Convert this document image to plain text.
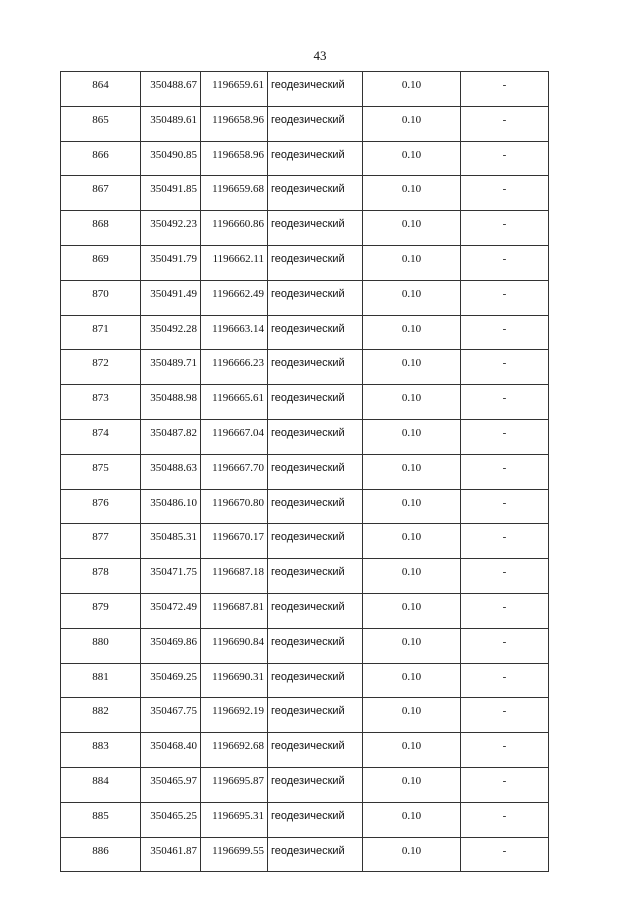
43
864	350488.67	1196659.61	геодезический	0.10	-

865	350489.61	1196658.96	геодезический	0.10	-

866	350490.85	1196658.96	геодезический	0.10	-

867	350491.85	1196659.68	геодезический	0.10	-

868	350492.23	1196660.86	геодезический	0.10	-

869	350491.79	1196662.11	геодезический	0.10	-

870	350491.49	1196662.49	геодезический	0.10	-

871	350492.28	1196663.14	геодезический	0.10	-

872	350489.71	1196666.23	геодезический	0.10	-

873	350488.98	1196665.61	геодезический	0.10	-

874	350487.82	1196667.04	геодезический	0.10	-

875	350488.63	1196667.70	геодезический	0.10	-

876	350486.10	1196670.80	геодезический	0.10	-

877	350485.31	1196670.17	геодезический	0.10	-

878	350471.75	1196687.18	геодезический	0.10	-

879	350472.49	1196687.81	геодезический	0.10	-

880	350469.86	1196690.84	геодезический	0.10	-

881	350469.25	1196690.31	геодезический	0.10	-

882	350467.75	1196692.19	геодезический	0.10	-

883	350468.40	1196692.68	геодезический	0.10	-

884	350465.97	1196695.87	геодезический	0.10	-

885	350465.25	1196695.31	геодезический	0.10	-

886	350461.87	1196699.55	геодезический	0.10	-
